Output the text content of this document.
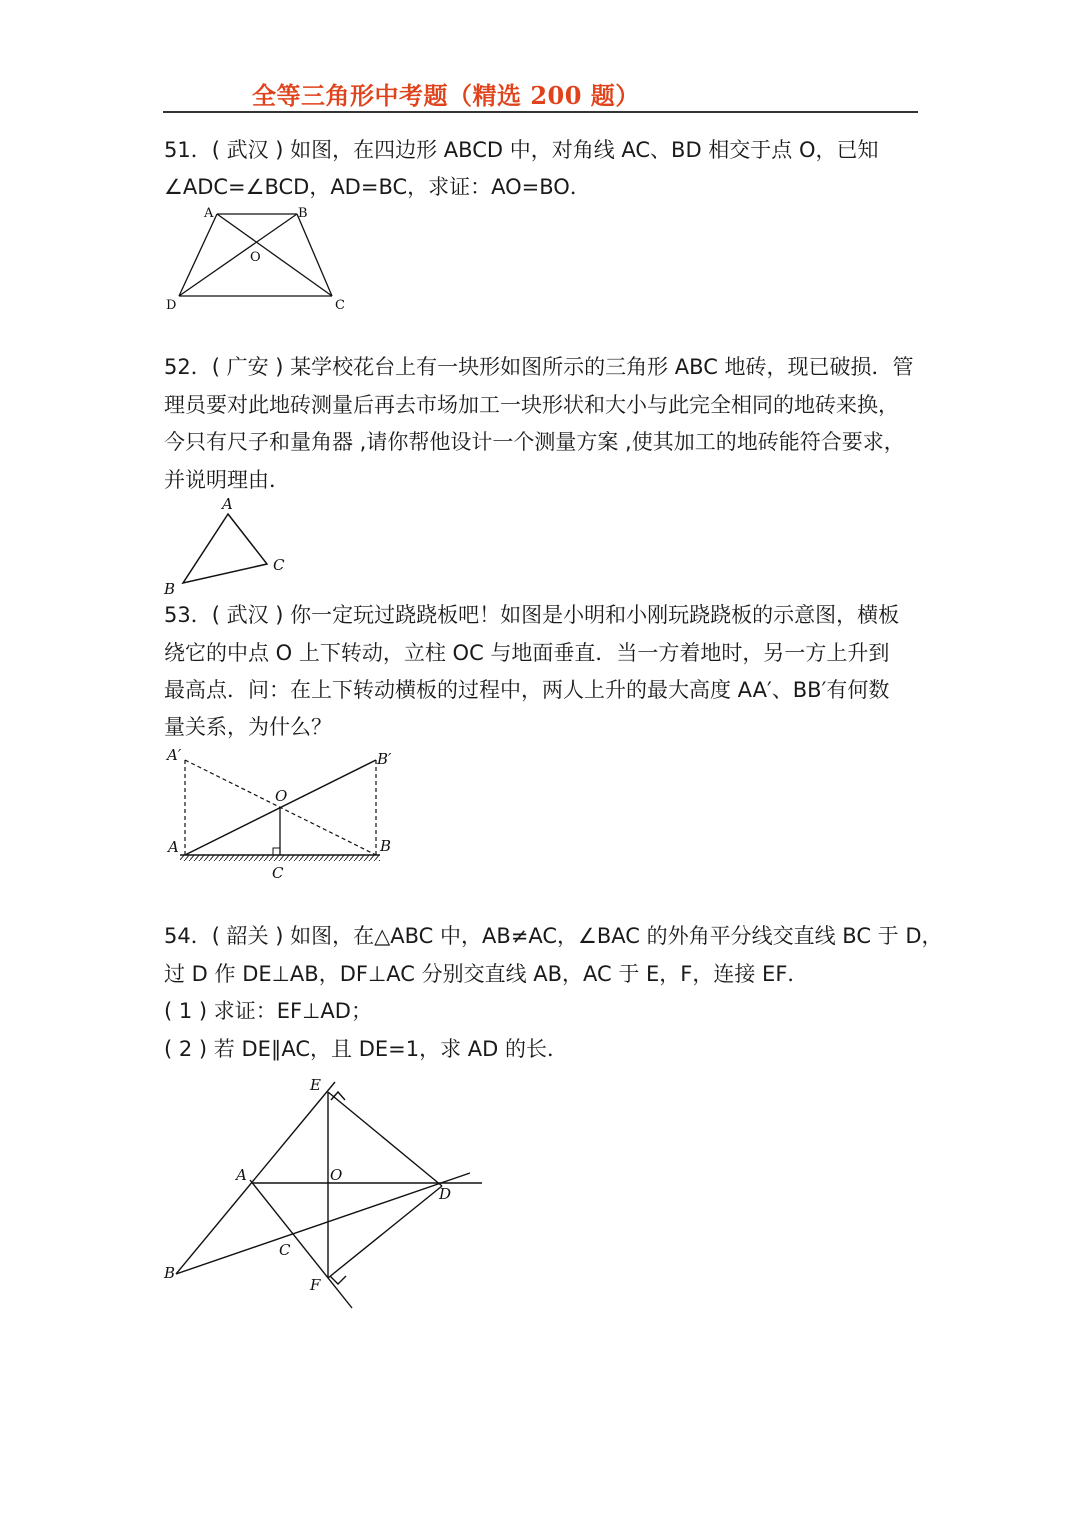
全等三角形中考题（精选 200 题）
51．( 武汉 ) 如图，在四边形 ABCD 中，对角线 AC、BD 相交于点 O，已知
∠ADC=∠BCD，AD=BC，求证：AO=BO．
A	B
O
D	C
52．( 广安 ) 某学校花台上有一块形如图所示的三角形 ABC 地砖，现已破损．管
理员要对此地砖测量后再去市场加工一块形状和大小与此完全相同的地砖来换，
今只有尺子和量角器 ,请你帮他设计一个测量方案 ,使其加工的地砖能符合要求，
并说明理由．
A
C
B
53．( 武汉 ) 你一定玩过跷跷板吧！如图是小明和小刚玩跷跷板的示意图，横板
绕它的中点 O 上下转动，立柱 OC 与地面垂直．当一方着地时，另一方上升到
最高点．问：在上下转动横板的过程中，两人上升的最大高度 AA′、BB′有何数
量关系，为什么？
A′	B′
O
A	B
C
54．( 韶关 ) 如图，在△ABC 中，AB≠AC，∠BAC 的外角平分线交直线 BC 于 D，
过 D 作 DE⊥AB，DF⊥AC 分别交直线 AB，AC 于 E，F，连接 EF．
( 1 ) 求证：EF⊥AD；
( 2 ) 若 DE∥AC，且 DE=1，求 AD 的长．
E
A	O
D
C
B
F
